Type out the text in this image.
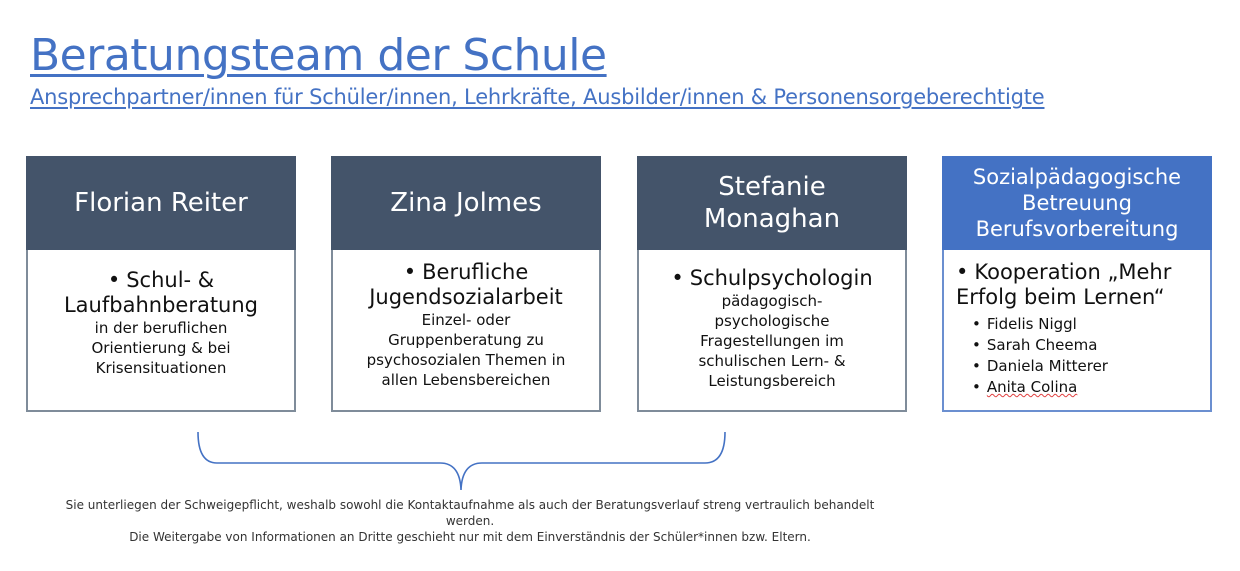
Beratungsteam der Schule
Ansprechpartner/innen für Schüler/innen, Lehrkräfte, Ausbilder/innen & Personensorgeberechtigte
Florian Reiter
• Schul- & Laufbahnberatung
in der beruflichen Orientierung & bei Krisensituationen
Zina Jolmes
• Berufliche Jugendsozialarbeit
Einzel- oder Gruppenberatung zu psychosozialen Themen in allen Lebensbereichen
Stefanie Monaghan
• Schulpsychologin
pädagogisch-psychologische Fragestellungen im schulischen Lern- & Leistungsbereich
Sozialpädagogische Betreuung Berufsvorbereitung
• Kooperation „Mehr Erfolg beim Lernen“
• Fidelis Niggl
• Sarah Cheema
• Daniela Mitterer
• Anita Colina
Sie unterliegen der Schweigepflicht, weshalb sowohl die Kontaktaufnahme als auch der Beratungsverlauf streng vertraulich behandelt werden.
Die Weitergabe von Informationen an Dritte geschieht nur mit dem Einverständnis der Schüler*innen bzw. Eltern.
